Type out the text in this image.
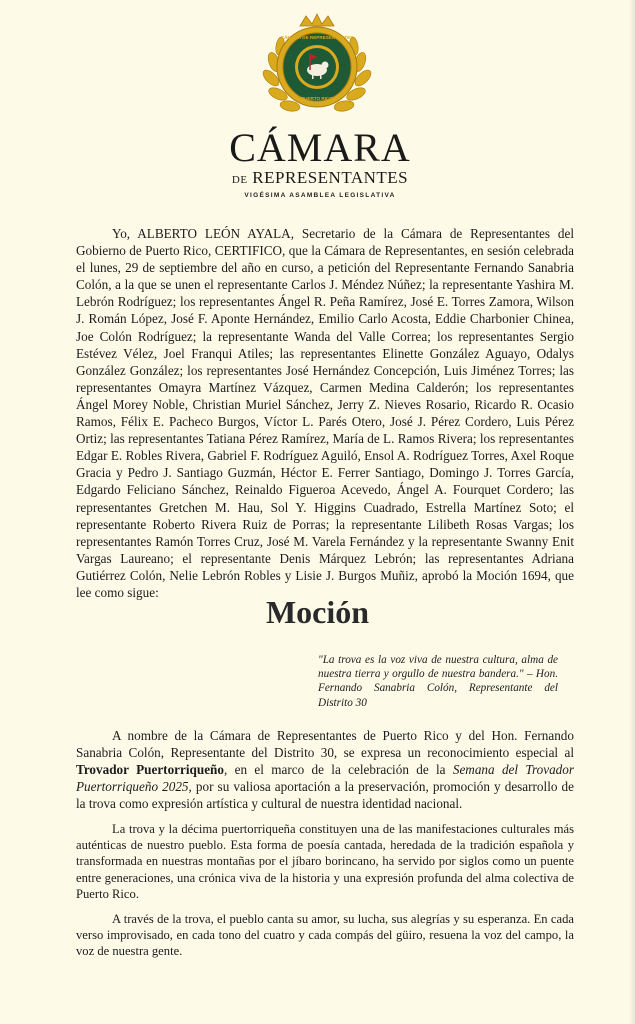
CÁMARA DE REPRESENTANTES
PUERTO RICO
CÁMARA
DE REPRESENTANTES
VIGÉSIMA ASAMBLEA LEGISLATIVA
Yo, ALBERTO LEÓN AYALA, Secretario de la Cámara de Representantes del Gobierno de Puerto Rico, CERTIFICO, que la Cámara de Representantes, en sesión celebrada el lunes, 29 de septiembre del año en curso, a petición del Representante Fernando Sanabria Colón, a la que se unen el representante Carlos J. Méndez Núñez; la representante Yashira M. Lebrón Rodríguez; los representantes Ángel R. Peña Ramírez, José E. Torres Zamora, Wilson J. Román López, José F. Aponte Hernández, Emilio Carlo Acosta, Eddie Charbonier Chinea, Joe Colón Rodríguez; la representante Wanda del Valle Correa; los representantes Sergio Estévez Vélez, Joel Franqui Atiles; las representantes Elinette González Aguayo, Odalys González González; los representantes José Hernández Concepción, Luis Jiménez Torres; las representantes Omayra Martínez Vázquez, Carmen Medina Calderón; los representantes Ángel Morey Noble, Christian Muriel Sánchez, Jerry Z. Nieves Rosario, Ricardo R. Ocasio Ramos, Félix E. Pacheco Burgos, Víctor L. Parés Otero, José J. Pérez Cordero, Luis Pérez Ortiz; las representantes Tatiana Pérez Ramírez, María de L. Ramos Rivera; los representantes Edgar E. Robles Rivera, Gabriel F. Rodríguez Aguiló, Ensol A. Rodríguez Torres, Axel Roque Gracia y Pedro J. Santiago Guzmán, Héctor E. Ferrer Santiago, Domingo J. Torres García, Edgardo Feliciano Sánchez, Reinaldo Figueroa Acevedo, Ángel A. Fourquet Cordero; las representantes Gretchen M. Hau, Sol Y. Higgins Cuadrado, Estrella Martínez Soto; el representante Roberto Rivera Ruiz de Porras; la representante Lilibeth Rosas Vargas; los representantes Ramón Torres Cruz, José M. Varela Fernández y la representante Swanny Enit Vargas Laureano; el representante Denis Márquez Lebrón; las representantes Adriana Gutiérrez Colón, Nelie Lebrón Robles y Lisie J. Burgos Muñiz, aprobó la Moción 1694, que lee como sigue:
Moción
"La trova es la voz viva de nuestra cultura, alma de nuestra tierra y orgullo de nuestra bandera." – Hon. Fernando Sanabria Colón, Representante del Distrito 30
A nombre de la Cámara de Representantes de Puerto Rico y del Hon. Fernando Sanabria Colón, Representante del Distrito 30, se expresa un reconocimiento especial al Trovador Puertorriqueño, en el marco de la celebración de la Semana del Trovador Puertorriqueño 2025, por su valiosa aportación a la preservación, promoción y desarrollo de la trova como expresión artística y cultural de nuestra identidad nacional.
La trova y la décima puertorriqueña constituyen una de las manifestaciones culturales más auténticas de nuestro pueblo. Esta forma de poesía cantada, heredada de la tradición española y transformada en nuestras montañas por el jíbaro borincano, ha servido por siglos como un puente entre generaciones, una crónica viva de la historia y una expresión profunda del alma colectiva de Puerto Rico.
A través de la trova, el pueblo canta su amor, su lucha, sus alegrías y su esperanza. En cada verso improvisado, en cada tono del cuatro y cada compás del güiro, resuena la voz del campo, la voz de nuestra gente.
